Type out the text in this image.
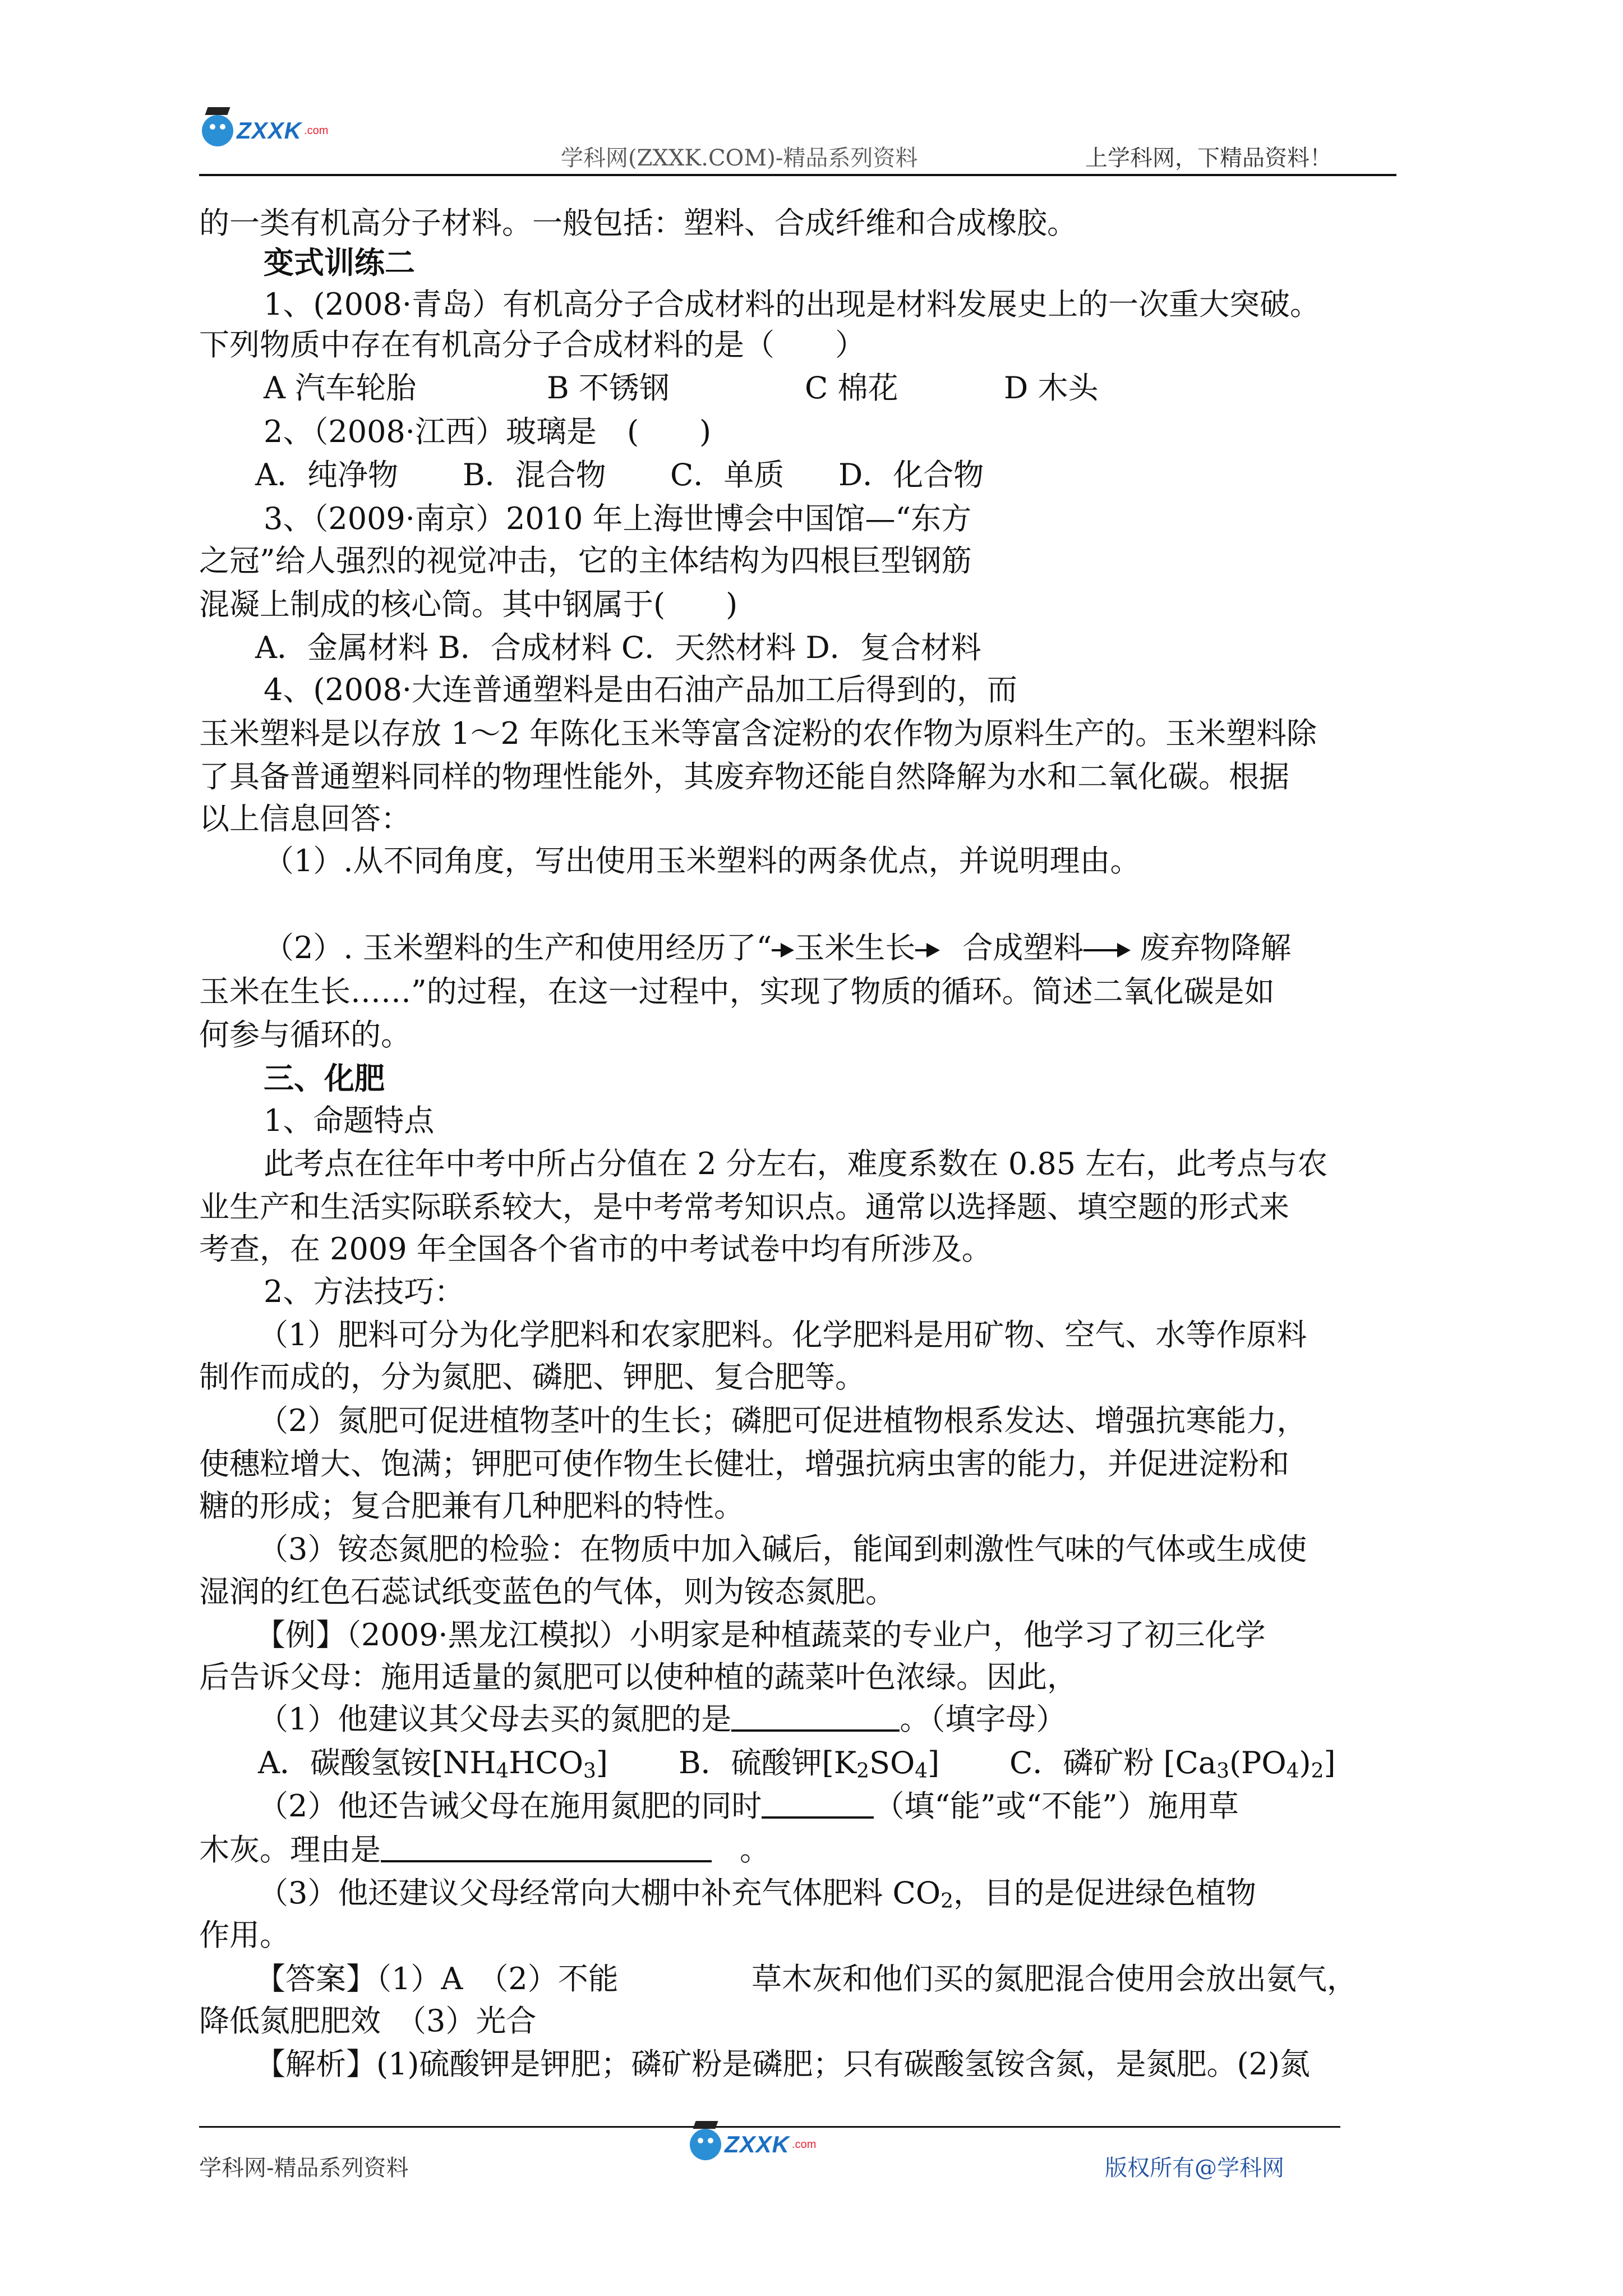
ZXXK .com
学科网(ZXXK.COM)-精品系列资料	上学科网，下精品资料！
的一类有机高分子材料。一般包括：塑料、合成纤维和合成橡胶。
变式训练二
1、(2008·青岛）有机高分子合成材料的出现是材料发展史上的一次重大突破。
下列物质中存在有机高分子合成材料的是（　　）
A 汽车轮胎	B 不锈钢	C 棉花	D 木头
2、（2008·江西）玻璃是　(　　)
A．纯净物 B．混合物 C．单质 D．化合物
3、（2009·南京）2010 年上海世博会中国馆—“东方
之冠”给人强烈的视觉冲击，它的主体结构为四根巨型钢筋
混凝上制成的核心筒。其中钢属于(　　)
A．金属材料 B．合成材料 C．天然材料 D．复合材料
4、(2008·大连普通塑料是由石油产品加工后得到的，而
玉米塑料是以存放 1～2 年陈化玉米等富含淀粉的农作物为原料生产的。玉米塑料除
了具备普通塑料同样的物理性能外，其废弃物还能自然降解为水和二氧化碳。根据
以上信息回答：
（1）.从不同角度，写出使用玉米塑料的两条优点，并说明理由。
（2）. 玉米塑料的生产和使用经历了“ 玉米生长 合成塑料 废弃物降解
玉米在生长……”的过程，在这一过程中，实现了物质的循环。简述二氧化碳是如
何参与循环的。
三、化肥
1、命题特点
此考点在往年中考中所占分值在 2 分左右，难度系数在 0.85 左右，此考点与农
业生产和生活实际联系较大，是中考常考知识点。通常以选择题、填空题的形式来
考查，在 2009 年全国各个省市的中考试卷中均有所涉及。
2、方法技巧：
（1）肥料可分为化学肥料和农家肥料。化学肥料是用矿物、空气、水等作原料
制作而成的，分为氮肥、磷肥、钾肥、复合肥等。
（2）氮肥可促进植物茎叶的生长；磷肥可促进植物根系发达、增强抗寒能力，
使穗粒增大、饱满；钾肥可使作物生长健壮，增强抗病虫害的能力，并促进淀粉和
糖的形成；复合肥兼有几种肥料的特性。
（3）铵态氮肥的检验：在物质中加入碱后，能闻到刺激性气味的气体或生成使
湿润的红色石蕊试纸变蓝色的气体，则为铵态氮肥。
【例】（2009·黑龙江模拟）小明家是种植蔬菜的专业户，他学习了初三化学
后告诉父母：施用适量的氮肥可以使种植的蔬菜叶色浓绿。因此，
（1）他建议其父母去买的氮肥的是	。（填字母）
A．碳酸氢铵$[NH_4HCO_3]$ B．硫酸钾$[K_2SO_4]$ C．磷矿粉 $[Ca_3(PO_4)_2]$
（2）他还告诫父母在施用氮肥的同时	（填“能”或“不能”）施用草
木灰。理由是	。
（3）他还建议父母经常向大棚中补充气体肥料 $CO_2$，目的是促进绿色植物
作用。
【答案】（1）A　（2）不能	草木灰和他们买的氮肥混合使用会放出氨气，
降低氮肥肥效　（3）光合
【解析】(1)硫酸钾是钾肥；磷矿粉是磷肥；只有碳酸氢铵含氮，是氮肥。(2)氮
学科网-精品系列资料
ZXXK .com
版权所有@学科网
